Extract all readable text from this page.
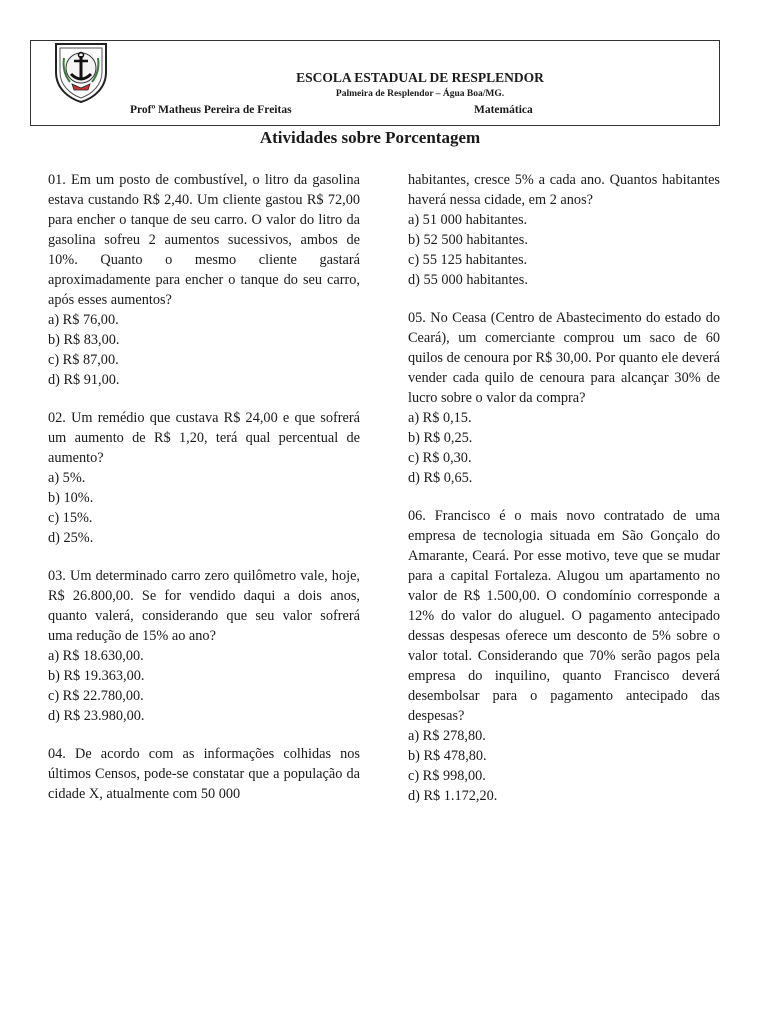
ESCOLA ESTADUAL DE RESPLENDOR
Palmeira de Resplendor – Água Boa/MG.
Profº Matheus Pereira de Freitas	Matemática
Atividades sobre Porcentagem

01. Em um posto de combustível, o litro da gasolina estava custando R$ 2,40. Um cliente gastou R$ 72,00 para encher o tanque de seu carro. O valor do litro da gasolina sofreu 2 aumentos sucessivos, ambos de 10%. Quanto o mesmo cliente gastará aproximadamente para encher o tanque do seu carro, após esses aumentos?

a) R$ 76,00.

b) R$ 83,00.

c) R$ 87,00.

d) R$ 91,00.

02. Um remédio que custava R$ 24,00 e que sofrerá um aumento de R$ 1,20, terá qual percentual de aumento?

a) 5%.

b) 10%.

c) 15%.

d) 25%.

03. Um determinado carro zero quilômetro vale, hoje, R$ 26.800,00. Se for vendido daqui a dois anos, quanto valerá, considerando que seu valor sofrerá uma redução de 15% ao ano?

a) R$ 18.630,00.

b) R$ 19.363,00.

c) R$ 22.780,00.

d) R$ 23.980,00.

04. De acordo com as informações colhidas nos últimos Censos, pode-se constatar que a população da cidade X, atualmente com 50 000

habitantes, cresce 5% a cada ano. Quantos habitantes haverá nessa cidade, em 2 anos?

a) 51 000 habitantes.

b) 52 500 habitantes.

c) 55 125 habitantes.

d) 55 000 habitantes.

05. No Ceasa (Centro de Abastecimento do estado do Ceará), um comerciante comprou um saco de 60 quilos de cenoura por R$ 30,00. Por quanto ele deverá vender cada quilo de cenoura para alcançar 30% de lucro sobre o valor da compra?

a) R$ 0,15.

b) R$ 0,25.

c) R$ 0,30.

d) R$ 0,65.

06. Francisco é o mais novo contratado de uma empresa de tecnologia situada em São Gonçalo do Amarante, Ceará. Por esse motivo, teve que se mudar para a capital Fortaleza. Alugou um apartamento no valor de R$ 1.500,00. O condomínio corresponde a 12% do valor do aluguel. O pagamento antecipado dessas despesas oferece um desconto de 5% sobre o valor total. Considerando que 70% serão pagos pela empresa do inquilino, quanto Francisco deverá desembolsar para o pagamento antecipado das despesas?

a) R$ 278,80.

b) R$ 478,80.

c) R$ 998,00.

d) R$ 1.172,20.
